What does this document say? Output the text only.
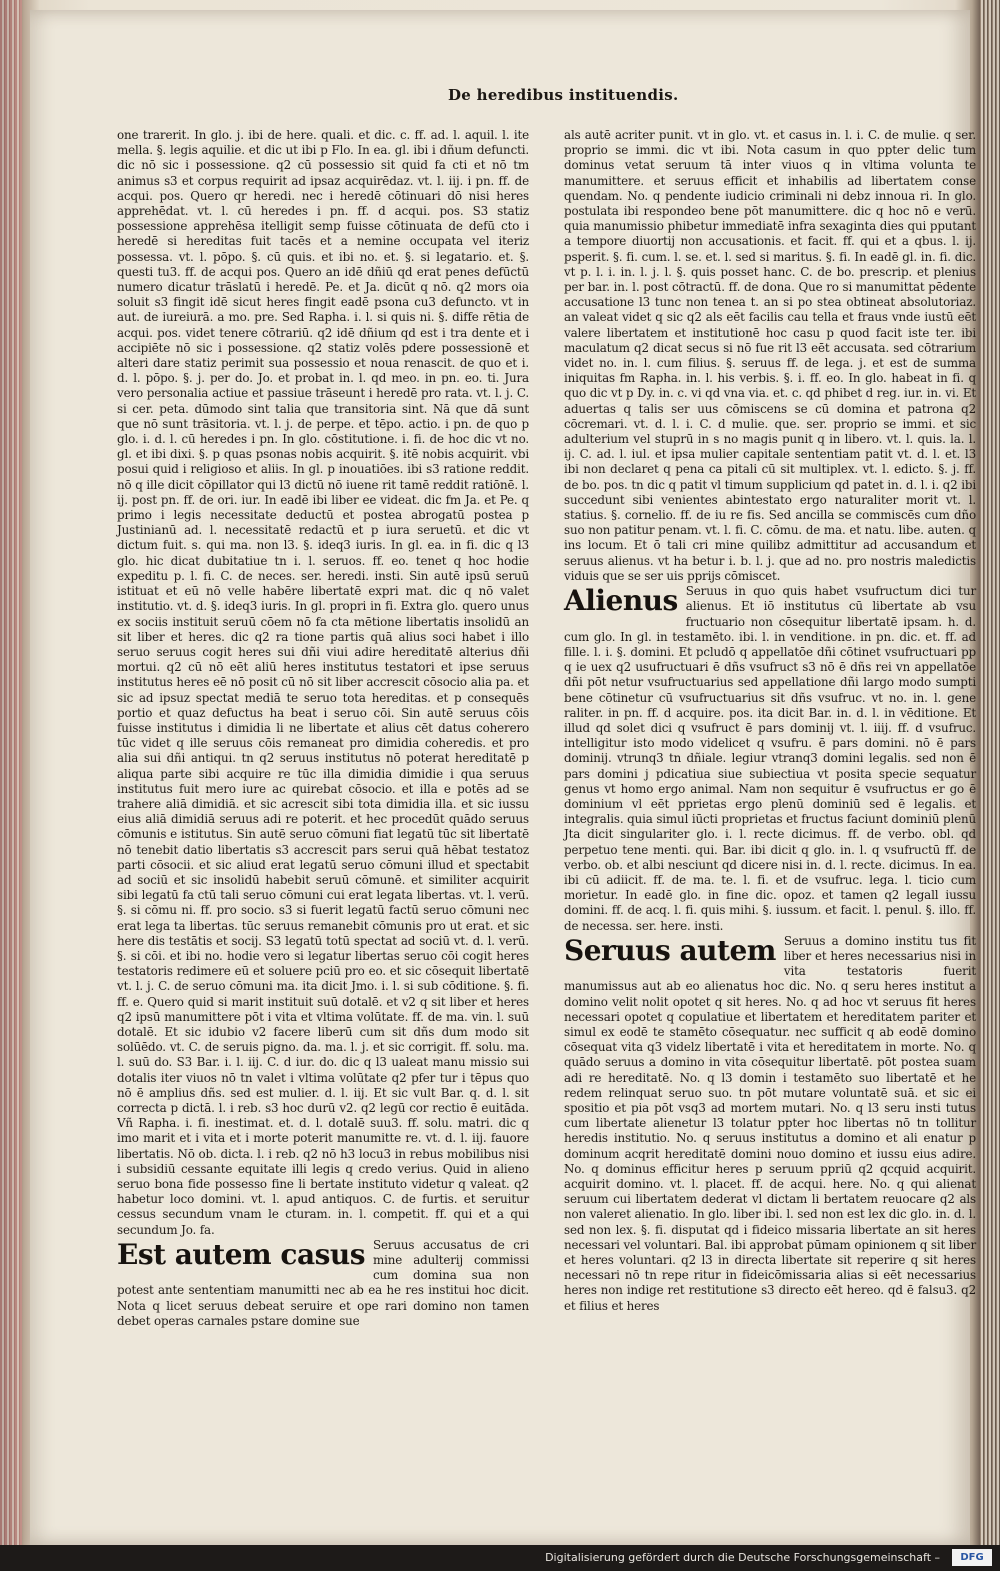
De heredibus instituendis.

one trarerit. In glo. j. ibi de here. quali. et dic. c. ff. ad. l. aquil. l. ite mella. §. legis aquilie. et dic ut ibi p Flo. In ea. gl. ibi i dñum defuncti. dic nō sic i possessione. q2 cū possessio sit quid fa cti et nō tm animus s3 et corpus requirit ad ipsaz acquirēdaz. vt. l. iij. i pn. ff. de acqui. pos. Quero qr heredi. nec i heredē cōtinuari dō nisi heres apprehēdat. vt. l. cū heredes i pn. ff. d acqui. pos. S3 statiz possessione apprehēsa itelligit semp fuisse cōtinuata de defū cto i heredē si hereditas fuit tacēs et a nemine occupata vel iteriz possessa. vt. l. pōpo. §. cū quis. et ibi no. et. §. si legatario. et. §. questi tu3. ff. de acqui pos. Quero an idē dñiū qd erat penes defūctū numero dicatur trāslatū i heredē. Pe. et Ja. dicūt q nō. q2 mors oia soluit s3 fingit idē sicut heres fingit eadē psona cu3 defuncto. vt in aut. de iureiurā. a mo. pre. Sed Rapha. i. l. si quis ni. §. diffe rētia de acqui. pos. videt tenere cōtrariū. q2 idē dñium qd est i tra dente et i accipiēte nō sic i possessione. q2 statiz volēs pdere possessionē et alteri dare statiz perimit sua possessio et noua renascit. de quo et i. d. l. pōpo. §. j. per do. Jo. et probat in. l. qd meo. in pn. eo. ti. Jura vero personalia actiue et passiue trāseunt i heredē pro rata. vt. l. j. C. si cer. peta. dūmodo sint talia que transitoria sint. Nā que dā sunt que nō sunt trāsitoria. vt. l. j. de perpe. et tēpo. actio. i pn. de quo p glo. i. d. l. cū heredes i pn. In glo. cōstitutione. i. fi. de hoc dic vt no. gl. et ibi dixi. §. p quas psonas nobis acquirit. §. itē nobis acquirit. vbi posui quid i religioso et aliis. In gl. p inouatiōes. ibi s3 ratione reddit. nō q ille dicit cōpillator qui l3 dictū nō iuene rit tamē reddit ratiōnē. l. ij. post pn. ff. de ori. iur. In eadē ibi liber ee videat. dic fm Ja. et Pe. q primo i legis necessitate deductū et postea abrogatū postea p Justinianū ad. l. necessitatē redactū et p iura seruetū. et dic vt dictum fuit. s. qui ma. non l3. §. ideq3 iuris. In gl. ea. in fi. dic q l3 glo. hic dicat dubitatiue tn i. l. seruos. ff. eo. tenet q hoc hodie expeditu p. l. fi. C. de neces. ser. heredi. insti. Sin autē ipsū seruū istituat et eū nō velle habēre libertatē expri mat. dic q nō valet institutio. vt. d. §. ideq3 iuris. In gl. propri in fi. Extra glo. quero unus ex sociis instituit seruū cōem nō fa cta mētione libertatis insolidū an sit liber et heres. dic q2 ra tione partis quā alius soci habet i illo seruo seruus cogit heres sui dñi viui adire hereditatē alterius dñi mortui. q2 cū nō eēt aliū heres institutus testatori et ipse seruus institutus heres eē nō posit cū nō sit liber accrescit cōsocio alia pa. et sic ad ipsuz spectat mediā te seruo tota hereditas. et p consequēs portio et quaz defuctus ha beat i seruo cōi. Sin autē seruus cōis fuisse institutus i dimidia li ne libertate et alius cēt datus coherero tūc videt q ille seruus cōis remaneat pro dimidia coheredis. et pro alia sui dñi antiqui. tn q2 seruus institutus nō poterat hereditatē p aliqua parte sibi acquire re tūc illa dimidia dimidie i qua seruus institutus fuit mero iure ac quirebat cōsocio. et illa e potēs ad se trahere aliā dimidiā. et sic acrescit sibi tota dimidia illa. et sic iussu eius aliā dimidiā seruus adi re poterit. et hec procedūt quādo seruus cōmunis e istitutus. Sin autē seruo cōmuni fiat legatū tūc sit libertatē nō tenebit datio libertatis s3 accrescit pars serui quā hēbat testatoz parti cōsocii. et sic aliud erat legatū seruo cōmuni illud et spectabit ad sociū et sic insolidū habebit seruū cōmunē. et similiter acquirit sibi legatū fa ctū tali seruo cōmuni cui erat legata libertas. vt. l. verū. §. si cōmu ni. ff. pro socio. s3 si fuerit legatū factū seruo cōmuni nec erat lega ta libertas. tūc seruus remanebit cōmunis pro ut erat. et sic here dis testātis et socij. S3 legatū totū spectat ad sociū vt. d. l. verū. §. si cōi. et ibi no. hodie vero si legatur libertas seruo cōi cogit heres testatoris redimere eū et soluere pciū pro eo. et sic cōsequit libertatē vt. l. j. C. de seruo cōmuni ma. ita dicit Jmo. i. l. si sub cōditione. §. fi. ff. e. Quero quid si marit instituit suū dotalē. et v2 q sit liber et heres q2 ipsū manumittere pōt i vita et vltima volūtate. ff. de ma. vin. l. suū dotalē. Et sic idubio v2 facere liberū cum sit dñs dum modo sit solūēdo. vt. C. de seruis pigno. da. ma. l. j. et sic corrigit. ff. solu. ma. l. suū do. S3 Bar. i. l. iij. C. d iur. do. dic q l3 ualeat manu missio sui dotalis iter viuos nō tn valet i vltima volūtate q2 pfer tur i tēpus quo nō ē amplius dñs. sed est mulier. d. l. iij. Et sic vult Bar. q. d. l. sit correcta p dictā. l. i reb. s3 hoc durū v2. q2 legū cor rectio ē euitāda. Vñ Rapha. i. fi. inestimat. et. d. l. dotalē suu3. ff. solu. matri. dic q imo marit et i vita et i morte poterit manumitte re. vt. d. l. iij. fauore libertatis. Nō ob. dicta. l. i reb. q2 nō h3 locu3 in rebus mobilibus nisi i subsidiū cessante equitate illi legis q credo verius. Quid in alieno seruo bona fide possesso fine li bertate instituto videtur q valeat. q2 habetur loco domini. vt. l. apud antiquos. C. de furtis. et seruitur cessus secundum vnam le cturam. in. l. competit. ff. qui et a qui secundum Jo. fa.

Est autem casus Seruus accusatus de cri mine adulterij commissi cum domina sua non potest ante sententiam manumitti nec ab ea he res institui hoc dicit. Nota q licet seruus debeat seruire et ope rari domino non tamen debet operas carnales pstare domine sue

als autē acriter punit. vt in glo. vt. et casus in. l. i. C. de mulie. q ser. proprio se immi. dic vt ibi. Nota casum in quo ppter delic tum dominus vetat seruum tā inter viuos q in vltima volunta te manumittere. et seruus efficit et inhabilis ad libertatem conse quendam. No. q pendente iudicio criminali ni debz innoua ri. In glo. postulata ibi respondeo bene pōt manumittere. dic q hoc nō e verū. quia manumissio phibetur immediatē infra sexaginta dies qui pputant a tempore diuortij non accusationis. et facit. ff. qui et a qbus. l. ij. psperit. §. fi. cum. l. se. et. l. sed si maritus. §. fi. In eadē gl. in. fi. dic. vt p. l. i. in. l. j. l. §. quis posset hanc. C. de bo. prescrip. et plenius per bar. in. l. post cōtractū. ff. de dona. Que ro si manumittat pēdente accusatione l3 tunc non tenea t. an si po stea obtineat absolutoriaz. an valeat videt q sic q2 als eēt facilis cau tella et fraus vnde iustū eēt valere libertatem et institutionē hoc casu p quod facit iste ter. ibi maculatum q2 dicat secus si nō fue rit l3 eēt accusata. sed cōtrarium videt no. in. l. cum filius. §. seruus ff. de lega. j. et est de summa iniquitas fm Rapha. in. l. his verbis. §. i. ff. eo. In glo. habeat in fi. q quo dic vt p Dy. in. c. vi qd vna via. et. c. qd phibet d reg. iur. in. vi. Et aduertas q talis ser uus cōmiscens se cū domina et patrona q2 cōcremari. vt. d. l. i. C. d mulie. que. ser. proprio se immi. et sic adulterium vel stuprū in s no magis punit q in libero. vt. l. quis. la. l. ij. C. ad. l. iul. et ipsa mulier capitale sententiam patit vt. d. l. et. l3 ibi non declaret q pena ca pitali cū sit multiplex. vt. l. edicto. §. j. ff. de bo. pos. tn dic q patit vl timum supplicium qd patet in. d. l. i. q2 ibi succedunt sibi venientes abintestato ergo naturaliter morit vt. l. statius. §. cornelio. ff. de iu re fis. Sed ancilla se commiscēs cum dño suo non patitur penam. vt. l. fi. C. cōmu. de ma. et natu. libe. auten. q ins locum. Et ō tali cri mine quilibz admittitur ad accusandum et seruus alienus. vt ha betur i. b. l. j. que ad no. pro nostris maledictis viduis que se ser uis pprijs cōmiscet.

Alienus Seruus in quo quis habet vsufructum dici tur alienus. Et iō institutus cū libertate ab vsu fructuario non cōsequitur libertatē ipsam. h. d. cum glo. In gl. in testamēto. ibi. l. in venditione. in pn. dic. et. ff. ad fille. l. i. §. domini. Et pcludō q appellatōe dñi cōtinet vsufructuari pp q ie uex q2 usufructuari ē dñs vsufruct s3 nō ē dñs rei vn appellatōe dñi pōt netur vsufructuarius sed appellatione dñi largo modo sumpti bene cōtinetur cū vsufructuarius sit dñs vsufruc. vt no. in. l. gene raliter. in pn. ff. d acquire. pos. ita dicit Bar. in. d. l. in vēditione. Et illud qd solet dici q vsufruct ē pars dominij vt. l. iiij. ff. d vsufruc. intelligitur isto modo videlicet q vsufru. ē pars domini. nō ē pars dominij. vtrunq3 tn dñiale. legiur vtranq3 domini legalis. sed non ē pars domini j pdicatiua siue subiectiua vt posita specie sequatur genus vt homo ergo animal. Nam non sequitur ē vsufructus er go ē dominium vl eēt pprietas ergo plenū dominiū sed ē legalis. et integralis. quia simul iūcti proprietas et fructus faciunt dominiū plenū Jta dicit singulariter glo. i. l. recte dicimus. ff. de verbo. obl. qd perpetuo tene menti. qui. Bar. ibi dicit q glo. in. l. q vsufructū ff. de verbo. ob. et albi nesciunt qd dicere nisi in. d. l. recte. dicimus. In ea. ibi cū adiicit. ff. de ma. te. l. fi. et de vsufruc. lega. l. ticio cum morietur. In eadē glo. in fine dic. opoz. et tamen q2 legall iussu domini. ff. de acq. l. fi. quis mihi. §. iussum. et facit. l. penul. §. illo. ff. de necessa. ser. here. insti.

Seruus autem Seruus a domino institu tus fit liber et heres necessarius nisi in vita testatoris fuerit manumissus aut ab eo alienatus hoc dic. No. q seru heres institut a domino velit nolit opotet q sit heres. No. q ad hoc vt seruus fit heres necessari opotet q copulatiue et libertatem et hereditatem pariter et simul ex eodē te stamēto cōsequatur. nec sufficit q ab eodē domino cōsequat vita q3 videlz libertatē i vita et hereditatem in morte. No. q quādo seruus a domino in vita cōsequitur libertatē. pōt postea suam adi re hereditatē. No. q l3 domin i testamēto suo libertatē et he redem relinquat seruo suo. tn pōt mutare voluntatē suā. et sic ei spositio et pia pōt vsq3 ad mortem mutari. No. q l3 seru insti tutus cum libertate alienetur l3 tolatur ppter hoc libertas nō tn tollitur heredis institutio. No. q seruus institutus a domino et ali enatur p dominum acqrit hereditatē domini nouo domino et iussu eius adire. No. q dominus efficitur heres p seruum ppriū q2 qcquid acquirit. acquirit domino. vt. l. placet. ff. de acqui. here. No. q qui alienat seruum cui libertatem dederat vl dictam li bertatem reuocare q2 als non valeret alienatio. In glo. liber ibi. l. sed non est lex dic glo. in. d. l. sed non lex. §. fi. disputat qd i fideico missaria libertate an sit heres necessari vel voluntari. Bal. ibi approbat pūmam opinionem q sit liber et heres voluntari. q2 l3 in directa libertate sit reperire q sit heres necessari nō tn repe ritur in fideicōmissaria alias si eēt necessarius heres non indige ret restitutione s3 directo eēt hereo. qd ē falsu3. q2 et filius et heres

Digitalisierung gefördert durch die Deutsche Forschungsgemeinschaft –	DFG
